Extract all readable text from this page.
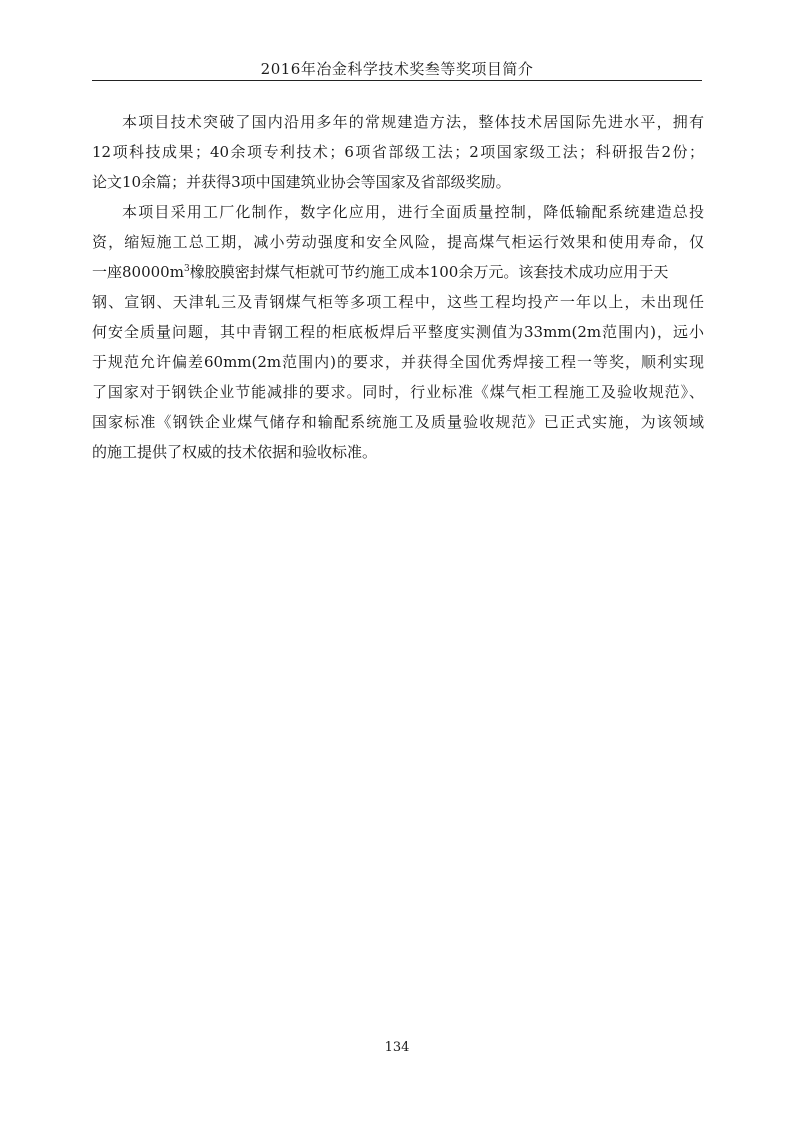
2016年冶金科学技术奖叁等奖项目简介
本项目技术突破了国内沿用多年的常规建造方法，整体技术居国际先进水平，拥有
12项科技成果；40余项专利技术；6项省部级工法；2项国家级工法；科研报告2份；
论文10余篇；并获得3项中国建筑业协会等国家及省部级奖励。
本项目采用工厂化制作，数字化应用，进行全面质量控制，降低输配系统建造总投
资，缩短施工总工期，减小劳动强度和安全风险，提高煤气柜运行效果和使用寿命，仅
一座$80000m^3$橡胶膜密封煤气柜就可节约施工成本100余万元。该套技术成功应用于天
钢、宣钢、天津轧三及青钢煤气柜等多项工程中，这些工程均投产一年以上，未出现任
何安全质量问题，其中青钢工程的柜底板焊后平整度实测值为33mm(2m范围内)，远小
于规范允许偏差60mm(2m范围内)的要求，并获得全国优秀焊接工程一等奖，顺利实现
了国家对于钢铁企业节能减排的要求。同时，行业标准《煤气柜工程施工及验收规范》、
国家标准《钢铁企业煤气储存和输配系统施工及质量验收规范》已正式实施，为该领域
的施工提供了权威的技术依据和验收标准。
134
